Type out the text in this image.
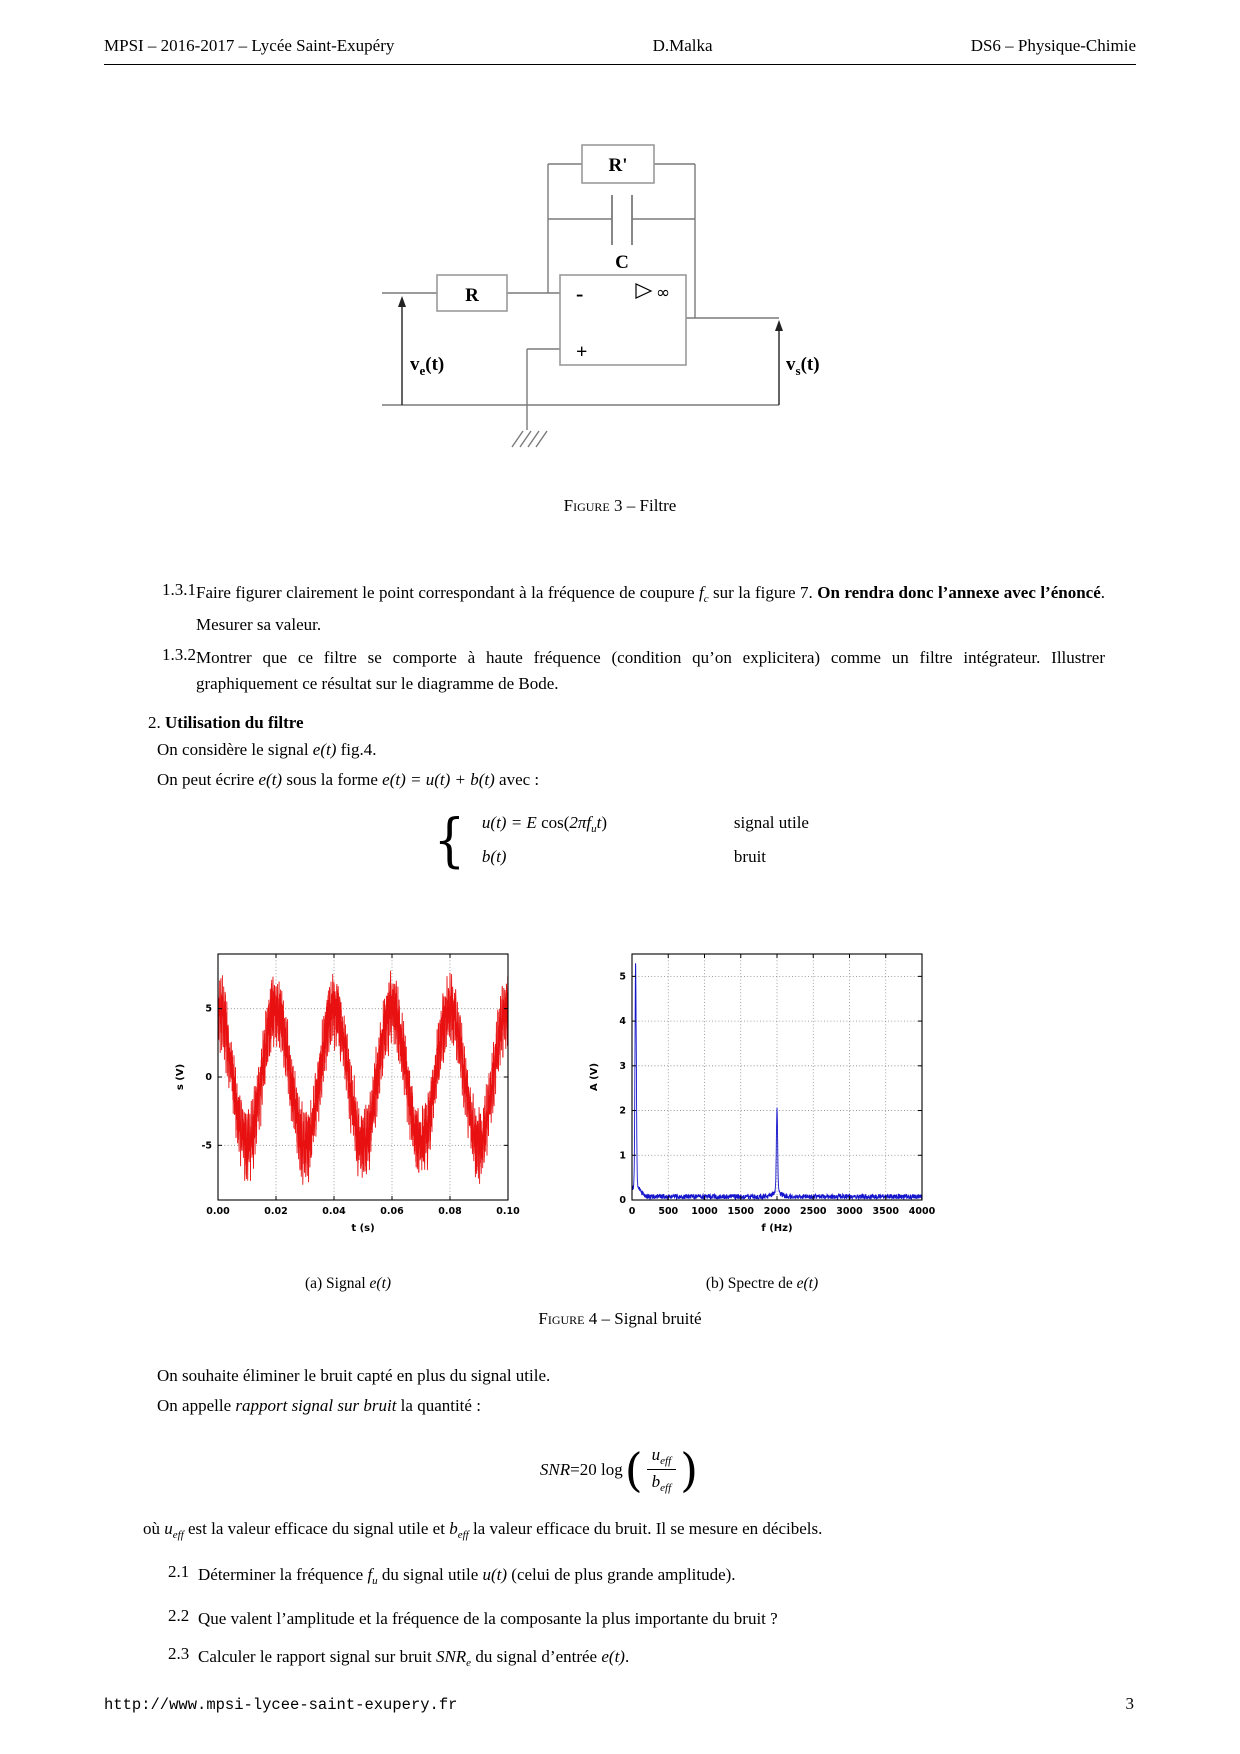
MPSI – 2016-2017 – Lycée Saint-Exupéry	D.Malka	DS6 – Physique-Chimie
R'
C
R	-
+
∞
$v_e(t)$	$v_s(t)$
Figure 3 – Filtre
1.3.1 Faire figurer clairement le point correspondant à la fréquence de coupure $f_c$ sur la figure 7. On rendra donc l’annexe avec l’énoncé. Mesurer sa valeur.
1.3.2 Montrer que ce filtre se comporte à haute fréquence (condition qu’on explicitera) comme un filtre intégrateur. Illustrer graphiquement ce résultat sur le diagramme de Bode.
2. Utilisation du filtre
On considère le signal e(t) fig.4.
On peut écrire e(t) sous la forme e(t) = u(t) + b(t) avec :
{ u(t) = E $\cos(2\pi f_ut)$	signal utile
b(t)	bruit
0.00	0.02	0.04	0.06	0.08	0.10
-5
0
5
t (s)
s (V)
(a) Signal e(t)
0 500 1000 1500 2000 2500 3000 3500 4000
0
1
2
3
4
5
f (Hz)
A (V)
(b) Spectre de e(t)
Figure 4 – Signal bruité
On souhaite éliminer le bruit capté en plus du signal utile.
On appelle rapport signal sur bruit la quantité :
SNR = 20 log ( $\frac{u_{eff}}{b_{eff}}$ )
où $u_{eff}$ est la valeur efficace du signal utile et $b_{eff}$ la valeur efficace du bruit. Il se mesure en décibels.
2.1 Déterminer la fréquence $f_u$ du signal utile u(t) (celui de plus grande amplitude).
2.2 Que valent l’amplitude et la fréquence de la composante la plus importante du bruit ?
2.3 Calculer le rapport signal sur bruit $SNR_e$ du signal d’entrée e(t).
http://www.mpsi-lycee-saint-exupery.fr	3
